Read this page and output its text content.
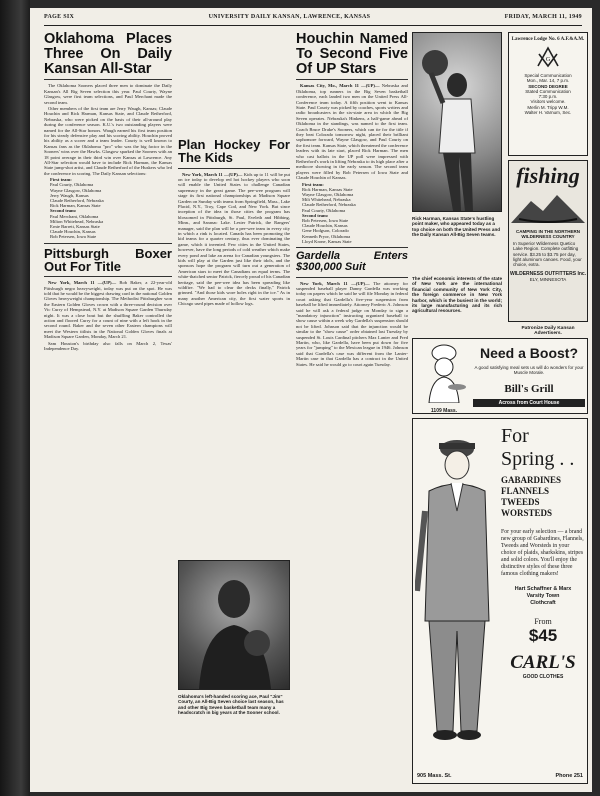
PAGE SIX	UNIVERSITY DAILY KANSAN, LAWRENCE, KANSAS	FRIDAY, MARCH 11, 1949
Oklahoma Places Three On Daily Kansan All-Star

The Oklahoma Sooners placed three men to dominate the Daily Kansan's All Big Seven selection this year. Paul Courty, Wayne Glasgow, were first team selections, and Paul Merchant made the second team.

Other members of the first team are Jerry Waugh, Kansas; Claude Houchin and Rick Harman, Kansas State, and Claude Retherford, Nebraska, who were picked on the basis of their all-around play during the conference season. K.U.'s two outstanding players were named for the All-Star honors. Waugh earned his first team position for his steady defensive play and his scoring ability. Houchin proved his ability as a scorer and a team leader. Courty is well known to Kansas fans as the Oklahoma "pro" who was the big factor in the Sooners' wins over the Hawks. Glasgow sparked the Sooners with an 18 point average in their third win over Kansas at Lawrence. Any All-Star selection would have to include Rick Harman, the Kansas State jump-shot artist, and Claude Retherford of the Huskers who led the conference in scoring. The Daily Kansan selections:

First team:
Paul Courty, Oklahoma
Wayne Glasgow, Oklahoma
Jerry Waugh, Kansas
Claude Retherford, Nebraska
Rick Harman, Kansas State
Second team:
Paul Merchant, Oklahoma
Milton Whitehead, Nebraska
Ernie Barrett, Kansas State
Claude Houchin, Kansas
Bob Petersen, Iowa State
Pittsburgh Boxer Out For Title

New York, March 11 —(UP)— Bob Baker, a 22-year-old Pittsburgh negro heavyweight, today was put on the spot. He was told that he would be the biggest drawing card in the national Golden Gloves heavyweight championship. The Methodist Pittsburgher won the Eastern Golden Gloves crown with a three-round decision over Vic Curry of Hempstead, N.Y. at Madison Square Garden Thursday night. It was a close bout but the shuffling Baker controlled the action and floored Curry for a count of nine with a left hook in the second round. Baker and the seven other Eastern champions will meet the Western titlists in the National Golden Gloves finals at Madison Square Garden, Monday, March 21.

Sam Houston's birthday also falls on March 2, Texas' Independence Day.

Plan Hockey For The Kids

New York, March 11 —(UP)— Kids up to 11 will be put on ice today to develop red hot hockey players who soon will enable the United States to challenge Canadian supremacy in the great game. The pee-wee program will stage its first national championships at Madison Square Garden on Sunday with teams from Springfield, Mass., Lake Placid, N.Y., Troy, Cape Cod, and New York. But since inception of the idea in those cities the program has blossomed in Pittsburgh, St. Paul, Eveleth and Hibbing, Minn., and Saranac Lake. Lester Patrick, the Rangers' manager, said the plan will be a pee-wee team in every city in which a rink is located. Canada has been promoting the kid teams for a quarter century, thus ever dominating the game, which it invented. Few cities in the United States, however, have the long periods of cold weather which make every pond and lake an arena for Canadian youngsters. The kids will play at the Garden just like their idols, and the sponsors hope the program will turn out a generation of American stars to meet the Canadians on equal terms. The white-thatched senior Patrick, fiercely proud of his Canadian heritage, said the pee-wee idea has been spreading like wildfire. "We had to clear the decks finally," Patrick grinned. "And those kids wore holes right in the ice." As in many another American city, the first water sports in Chicago used pipes made of hollow logs.

Oklahoma's left-handed scoring ace, Paul "Jim" Courty, an All-Big Seven choice last season, has and other Big Seven basketball team many a headscratch in big years at the Sooner school.
Houchin Named To Second Five Of UP Stars

Kansas City, Mo., March 11 —(UP)— Nebraska and Oklahoma, top runners in the Big Seven basketball conference, each landed two men on the United Press All-Conference team today. A fifth position went to Kansas State. Paul Courty was picked by coaches, sports writers and radio broadcasters in the six-state area in which the Big Seven operates. Nebraska's Hinkens, a half-game ahead of Oklahoma in the standings, was named to the first team. Coach Bruce Drake's Sooners, which can tie for the title if they beat Colorado tomorrow night, placed their brilliant sophomore forward, Wayne Glasgow, and Paul Courty on the first team. Kansas State, which threatened the conference leaders with its late start, placed Rick Harman. The men who cast ballots in the UP poll were impressed with Retherford's work in lifting Nebraska to its high place after a mediocre showing in the early season. The second team players were filled by Bob Petersen of Iowa State and Claude Houchin of Kansas.

First team:
Rick Harman, Kansas State
Wayne Glasgow, Oklahoma
Milt Whitehead, Nebraska
Claude Retherford, Nebraska
Paul Courty, Oklahoma
Second team:
Bob Petersen, Iowa State
Claude Houchin, Kansas
Gene Hodgson, Colorado
Kenneth Pryor, Oklahoma
Lloyd Krone, Kansas State
Gardella Enters $300,000 Suit

New York, March 11 —(UP)— The attorney for suspended baseball player Danny Gardella was working today on papers which he said he will file Monday in federal court asking that Gardella's five-year suspension from baseball be lifted immediately. Attorney Frederic A. Johnson said he will ask a federal judge on Monday to sign a "mandatory injunction" instructing organized baseball to show cause within a week why Gardella's suspension should not be lifted. Johnson said that the injunction would be similar to the "show cause" order obtained last Tuesday by suspended St. Louis Cardinal pitchers Max Lanier and Fred Martin, who, like Gardella, have been put down for five years for "jumping" to the Mexican league in 1946. Johnson said that Gardella's case was different from the Lanier-Martin case in that Gardella has a contract in the United States. He said he would go to court again Tuesday.

Rick Harman, Kansas State's hustling point maker, who appeared today as a top choice on both the United Press and the Daily Kansan All-Big Seven teams.
The chief economic interests of the state of New York are the international financial community of New York City, the foreign commerce in New York harbor, which is the busiest in the world; its large manufacturing and its rich agricultural resources.
Lawrence Lodge No. 6 A.F.&A.M.
G
Special Communication
Mon., Mar. 14, 7 p.m.
SECOND DEGREE
Stated Communication
7:30 p.m.
Visitors welcome.
Merlin M. Tripp W.M.
Walter H. Varnum, Sec.
fishing
CAMPING IN THE NORTHERN WILDERNESS COUNTRY
In Superior Wilderness Quetico Lake Region. Complete outfitting service. $3.25 to $3.75 per day, light aluminum canoes. Food, your choice, extra.
WILDERNESS OUTFITTERS Inc.
ELY, MINNESOTA
Patronize Daily Kansan Advertisers.
1109 Mass.
Need a Boost?
A good satisfying meal sets us will do wonders for your Muscle Morale.
Bill's Grill
Across from Court House
For
Spring . .
GABARDINES
FLANNELS
TWEEDS
WORSTEDS
For your early selection — a brand new group of Gabardines, Flannels, Tweeds and Worsteds in your choice of plaids, sharkskins, stripes and solid colors. You'll enjoy the distinctive styles of these three famous clothing makers!
Hart Schaffner & Marx
Varsity Town
Clothcraft
From
$45
CARL'S
GOOD CLOTHES
905 Mass. St.	Phone 251
